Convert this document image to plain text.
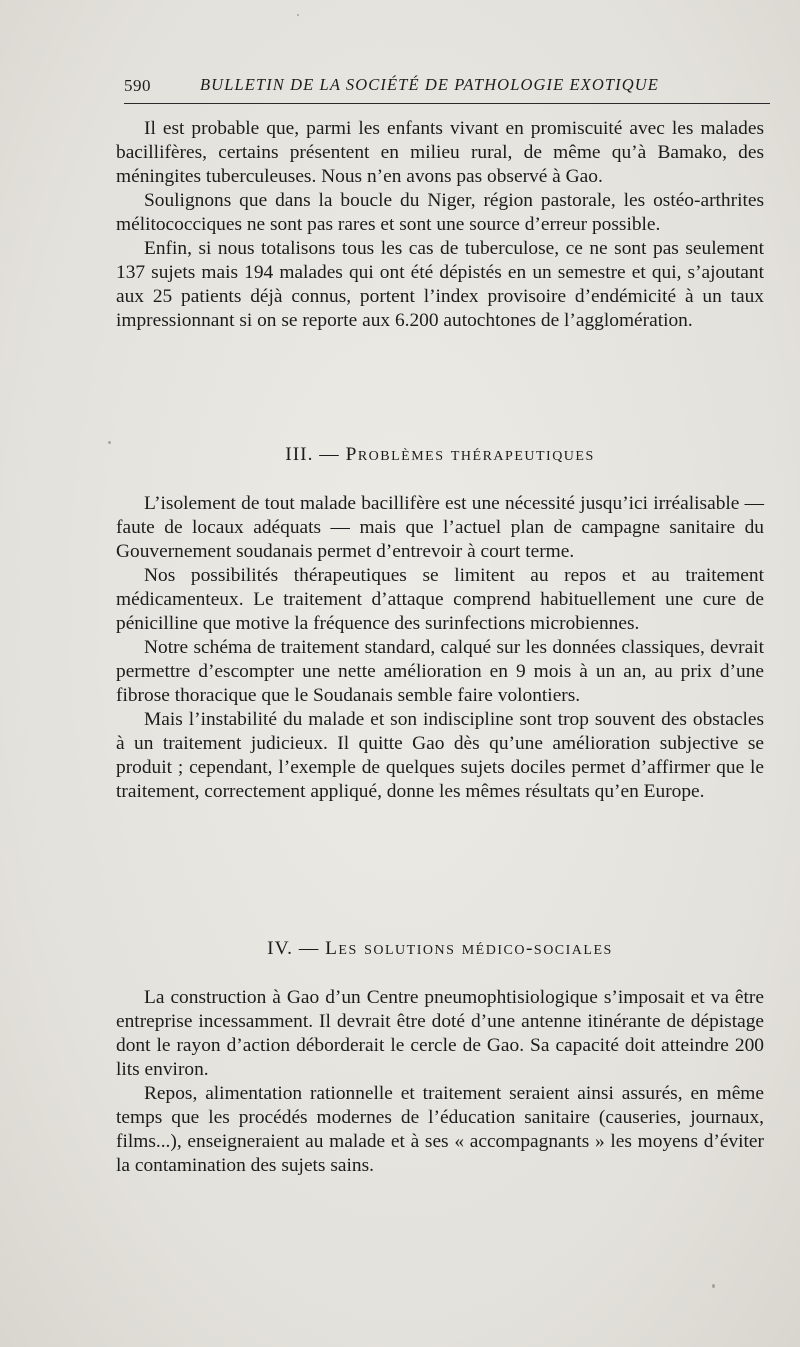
590	BULLETIN DE LA SOCIÉTÉ DE PATHOLOGIE EXOTIQUE

Il est probable que, parmi les enfants vivant en promiscuité avec les malades bacillifères, certains présentent en milieu rural, de même qu’à Bamako, des méningites tuberculeuses. Nous n’en avons pas observé à Gao.

Soulignons que dans la boucle du Niger, région pastorale, les ostéo-arthrites mélitococciques ne sont pas rares et sont une source d’erreur possible.

Enfin, si nous totalisons tous les cas de tuberculose, ce ne sont pas seulement 137 sujets mais 194 malades qui ont été dépistés en un semestre et qui, s’ajoutant aux 25 patients déjà connus, portent l’index provisoire d’endémicité à un taux impressionnant si on se reporte aux 6.200 autochtones de l’agglomération.

III. — Problèmes thérapeutiques

L’isolement de tout malade bacillifère est une nécessité jusqu’ici irréalisable — faute de locaux adéquats — mais que l’actuel plan de campagne sanitaire du Gouvernement soudanais permet d’entrevoir à court terme.

Nos possibilités thérapeutiques se limitent au repos et au traitement médicamenteux. Le traitement d’attaque comprend habituellement une cure de pénicilline que motive la fréquence des surinfections microbiennes.

Notre schéma de traitement standard, calqué sur les données classiques, devrait permettre d’escompter une nette amélioration en 9 mois à un an, au prix d’une fibrose thoracique que le Soudanais semble faire volontiers.

Mais l’instabilité du malade et son indiscipline sont trop souvent des obstacles à un traitement judicieux. Il quitte Gao dès qu’une amélioration subjective se produit ; cependant, l’exemple de quelques sujets dociles permet d’affirmer que le traitement, correctement appliqué, donne les mêmes résultats qu’en Europe.

IV. — Les solutions médico-sociales

La construction à Gao d’un Centre pneumophtisiologique s’imposait et va être entreprise incessamment. Il devrait être doté d’une antenne itinérante de dépistage dont le rayon d’action déborderait le cercle de Gao. Sa capacité doit atteindre 200 lits environ.

Repos, alimentation rationnelle et traitement seraient ainsi assurés, en même temps que les procédés modernes de l’éducation sanitaire (causeries, journaux, films...), enseigneraient au malade et à ses « accompagnants » les moyens d’éviter la contamination des sujets sains.
